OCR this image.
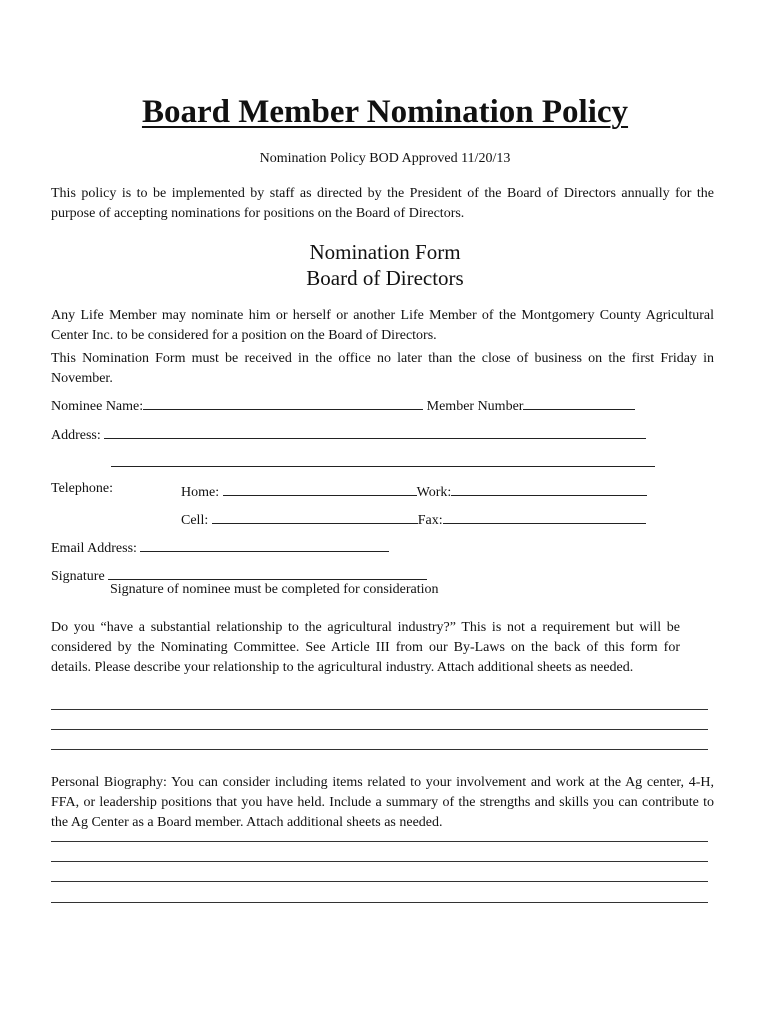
Board Member Nomination Policy
Nomination Policy BOD Approved 11/20/13
This policy is to be implemented by staff as directed by the President of the Board of Directors annually for the purpose of accepting nominations for positions on the Board of Directors.
Nomination Form
Board of Directors
Any Life Member may nominate him or herself or another Life Member of the Montgomery County Agricultural Center Inc. to be considered for a position on the Board of Directors.
This Nomination Form must be received in the office no later than the close of business on the first Friday in November.
Nominee Name:	Member Number
Address:
Telephone:	Home:	Work:
Cell:	Fax:
Email Address:
Signature
Signature of nominee must be completed for consideration
Do you “have a substantial relationship to the agricultural industry?” This is not a requirement but will be considered by the Nominating Committee. See Article III from our By-Laws on the back of this form for details. Please describe your relationship to the agricultural industry. Attach additional sheets as needed.
Personal Biography: You can consider including items related to your involvement and work at the Ag center, 4-H, FFA, or leadership positions that you have held. Include a summary of the strengths and skills you can contribute to the Ag Center as a Board member. Attach additional sheets as needed.
